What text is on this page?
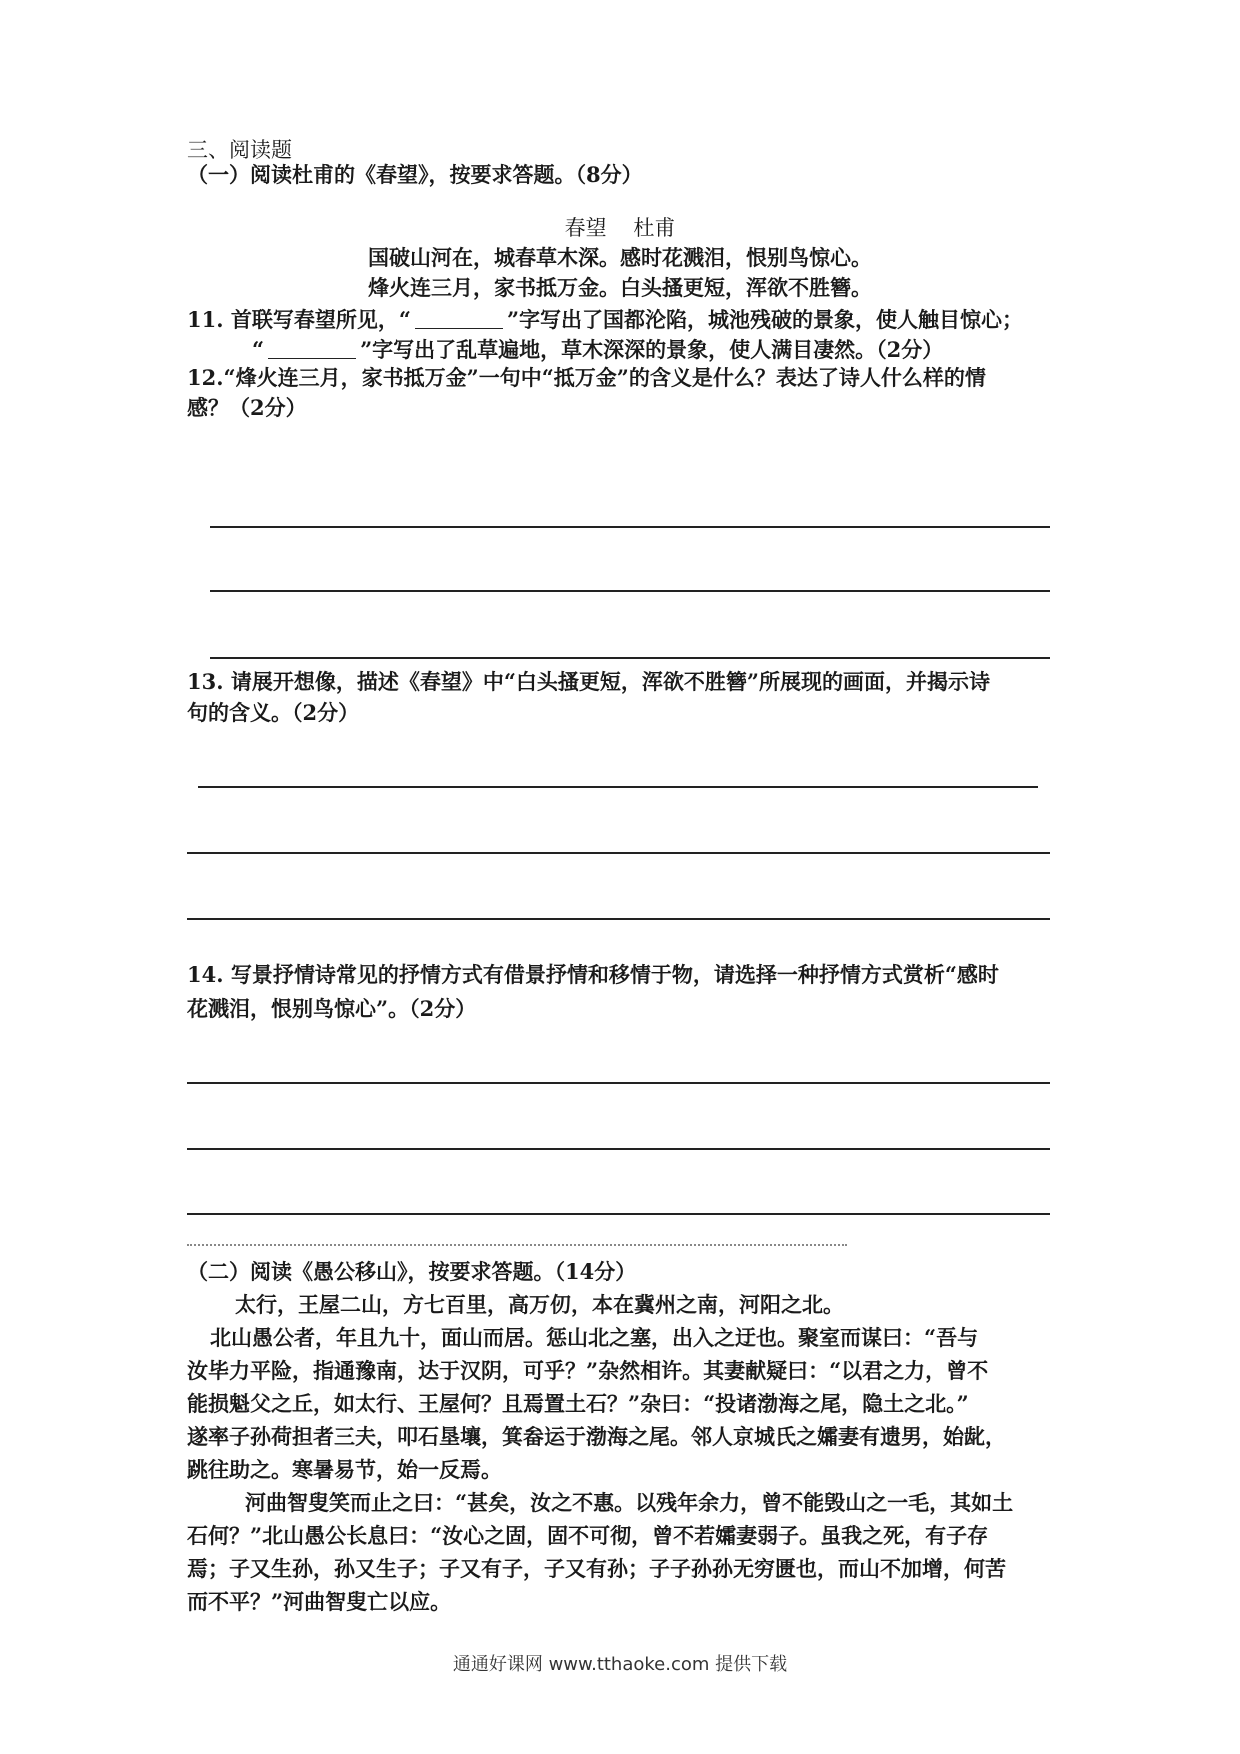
三、阅读题
（一）阅读杜甫的《春望》，按要求答题。（8分）
春望 杜甫
国破山河在，城春草木深。感时花溅泪，恨别鸟惊心。
烽火连三月，家书抵万金。白头搔更短，浑欲不胜簪。
11. 首联写春望所见，“	”字写出了国都沦陷，城池残破的景象，使人触目惊心；
“	”字写出了乱草遍地，草木深深的景象，使人满目凄然。（2分）
12.“烽火连三月，家书抵万金”一句中“抵万金”的含义是什么？表达了诗人什么样的情
感？（2分）
13. 请展开想像，描述《春望》中“白头搔更短，浑欲不胜簪”所展现的画面，并揭示诗
句的含义。（2分）
14. 写景抒情诗常见的抒情方式有借景抒情和移情于物，请选择一种抒情方式赏析“感时
花溅泪，恨别鸟惊心”。（2分）
（二）阅读《愚公移山》，按要求答题。（14分）
太行，王屋二山，方七百里，高万仞，本在冀州之南，河阳之北。
北山愚公者，年且九十，面山而居。惩山北之塞，出入之迂也。聚室而谋曰：“吾与
汝毕力平险，指通豫南，达于汉阴，可乎？”杂然相许。其妻献疑曰：“以君之力，曾不
能损魁父之丘，如太行、王屋何？且焉置土石？”杂曰：“投诸渤海之尾，隐土之北。”
遂率子孙荷担者三夫，叩石垦壤，箕畚运于渤海之尾。邻人京城氏之孀妻有遗男，始龀，
跳往助之。寒暑易节，始一反焉。
河曲智叟笑而止之曰：“甚矣，汝之不惠。以残年余力，曾不能毁山之一毛，其如土
石何？”北山愚公长息曰：“汝心之固，固不可彻，曾不若孀妻弱子。虽我之死，有子存
焉；子又生孙，孙又生子；子又有子，子又有孙；子子孙孙无穷匮也，而山不加增，何苦
而不平？”河曲智叟亡以应。
通通好课网 www.tthaoke.com 提供下载
